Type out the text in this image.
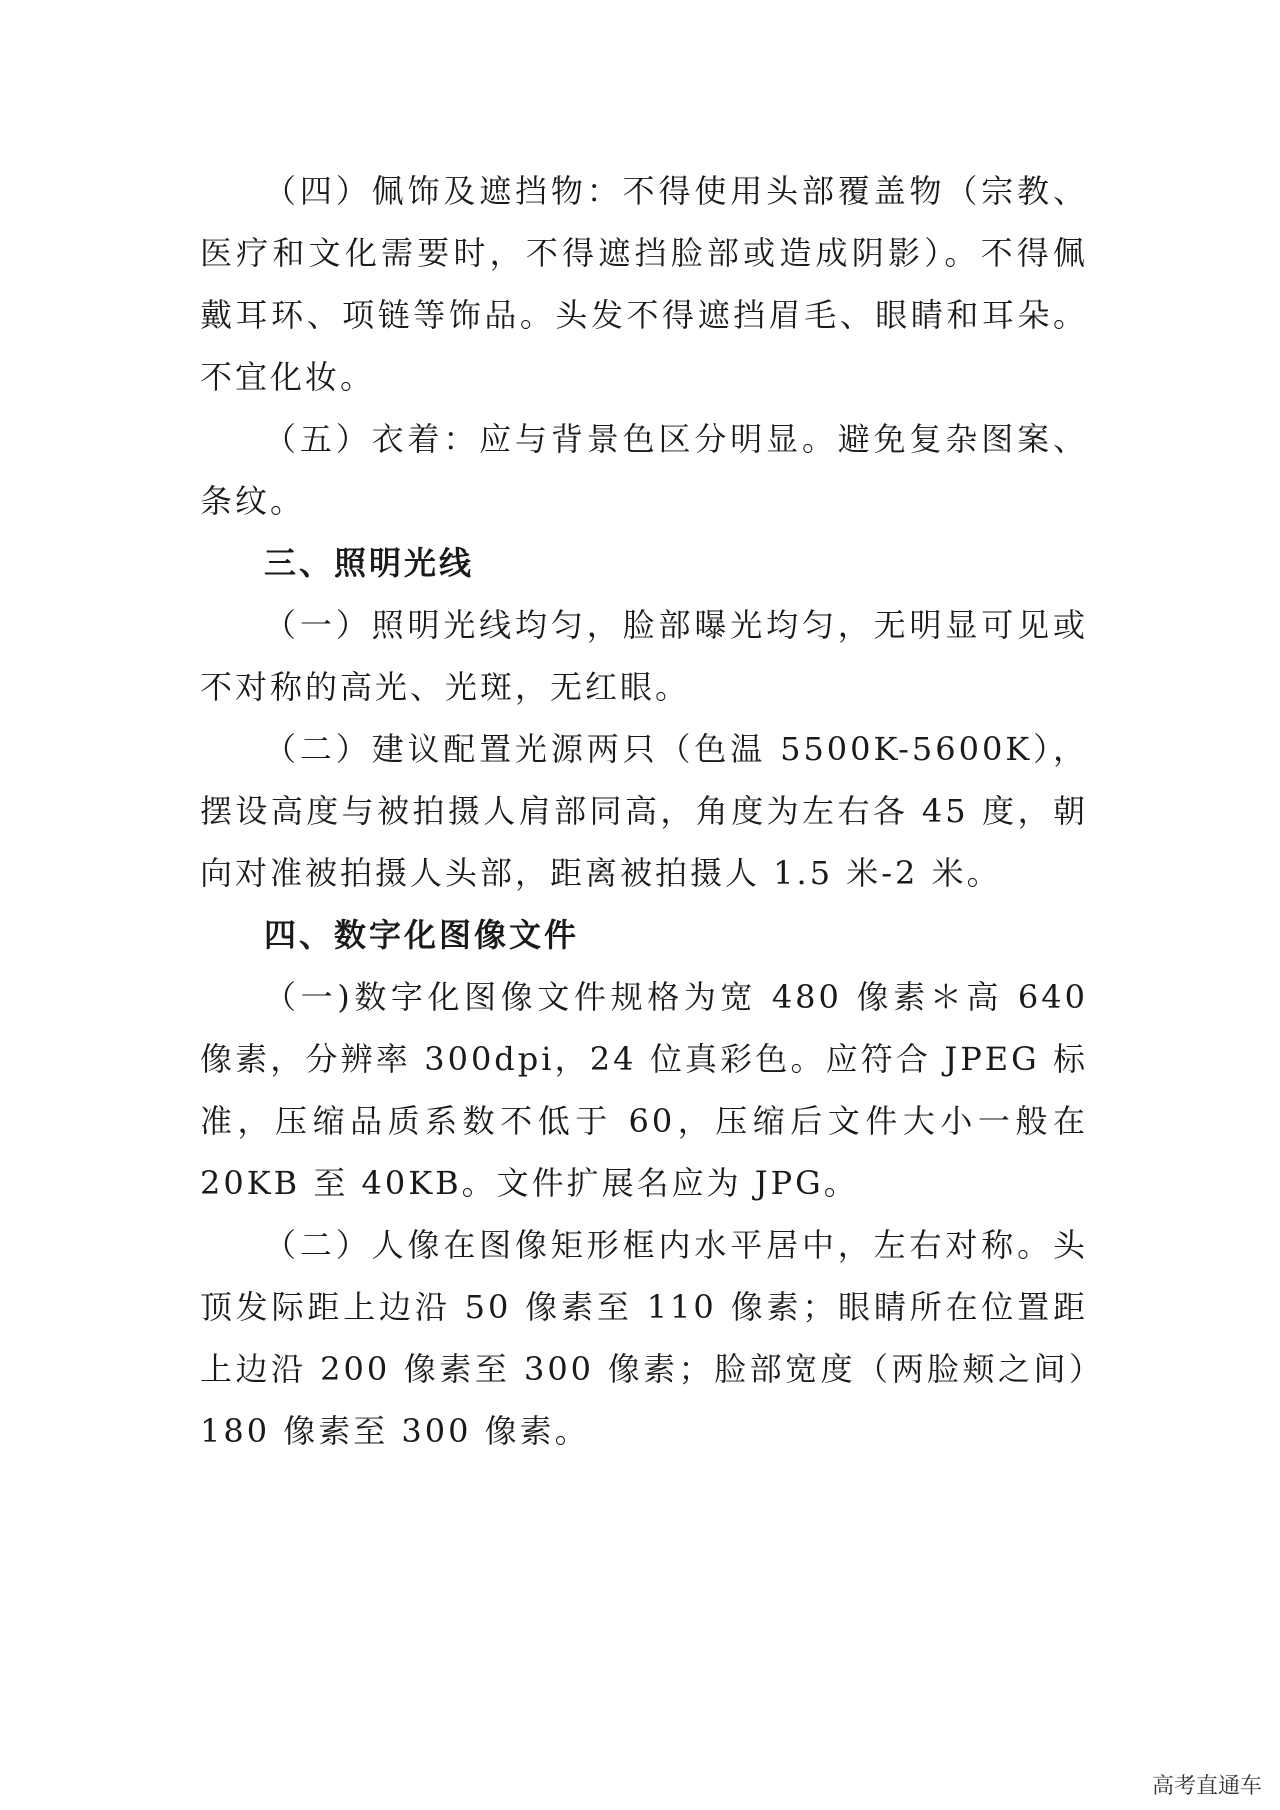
（四）佩饰及遮挡物：不得使用头部覆盖物（宗教、医疗和文化需要时，不得遮挡脸部或造成阴影）。不得佩戴耳环、项链等饰品。头发不得遮挡眉毛、眼睛和耳朵。不宜化妆。

（五）衣着：应与背景色区分明显。避免复杂图案、条纹。

三、照明光线

（一）照明光线均匀，脸部曝光均匀，无明显可见或不对称的高光、光斑，无红眼。

（二）建议配置光源两只（色温 5500K-5600K），摆设高度与被拍摄人肩部同高，角度为左右各 45 度，朝向对准被拍摄人头部，距离被拍摄人 1.5 米-2 米。

四、数字化图像文件

（一)数字化图像文件规格为宽 480 像素＊高 640 像素，分辨率 300dpi，24 位真彩色。应符合 JPEG 标准，压缩品质系数不低于 60，压缩后文件大小一般在 20KB 至 40KB。文件扩展名应为 JPG。

（二）人像在图像矩形框内水平居中，左右对称。头顶发际距上边沿 50 像素至 110 像素；眼睛所在位置距上边沿 200 像素至 300 像素；脸部宽度（两脸颊之间）180 像素至 300 像素。

高考直通车
